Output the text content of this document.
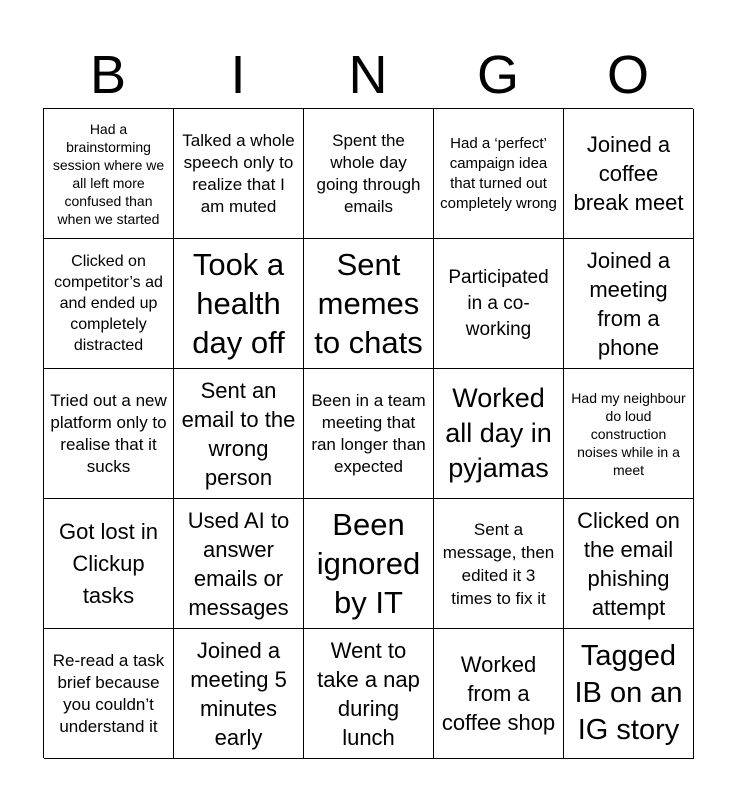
B	I	N	G	O
Had a brainstorming session where we all left more confused than when we started
Talked a whole speech only to realize that I am muted
Spent the whole day going through emails
Had a ‘perfect’ campaign idea that turned out completely wrong
Joined a coffee break meet
Clicked on competitor’s ad and ended up completely distracted
Took a health day off
Sent memes to chats
Participated in a co-working
Joined a meeting from a phone
Tried out a new platform only to realise that it sucks
Sent an email to the wrong person
Been in a team meeting that ran longer than expected
Worked all day in pyjamas
Had my neighbour do loud construction noises while in a meet
Got lost in Clickup tasks
Used AI to answer emails or messages
Been ignored by IT
Sent a message, then edited it 3 times to fix it
Clicked on the email phishing attempt
Re-read a task brief because you couldn’t understand it
Joined a meeting 5 minutes early
Went to take a nap during lunch
Worked from a coffee shop
Tagged IB on an IG story
